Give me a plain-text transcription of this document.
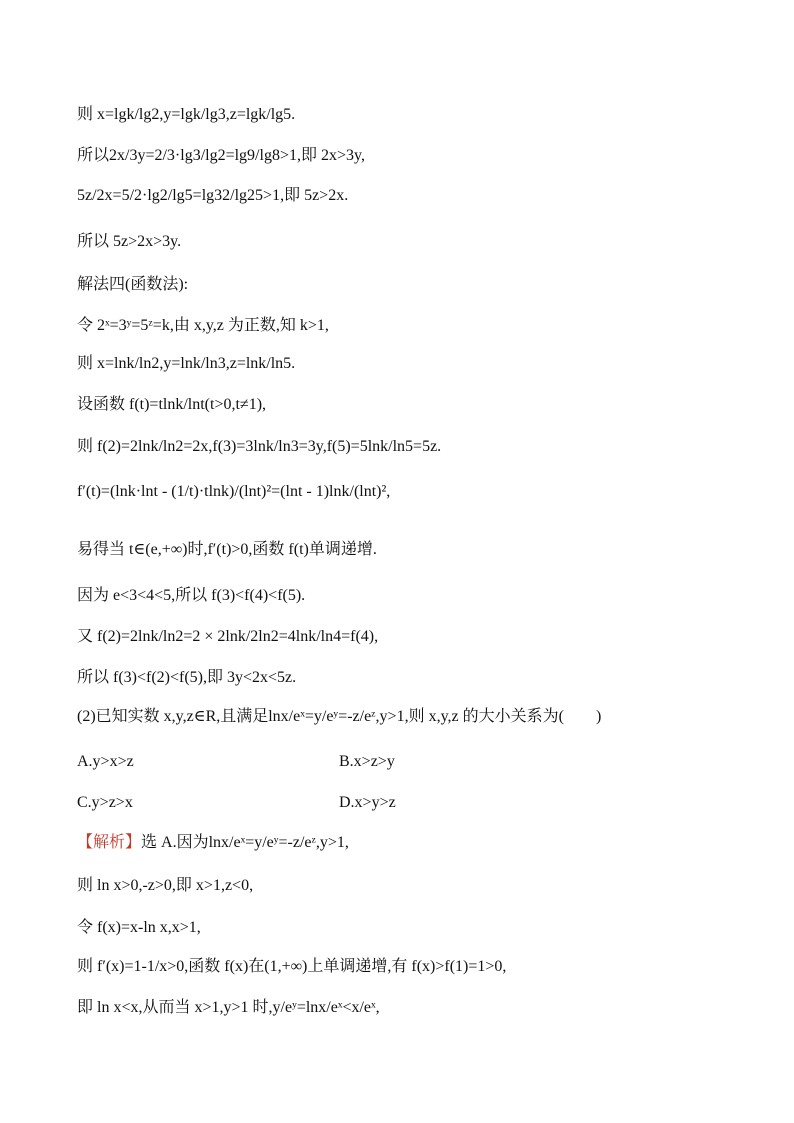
则 x=lgk/lg2,y=lgk/lg3,z=lgk/lg5.
所以2x/3y=2/3·lg3/lg2=lg9/lg8>1,即 2x>3y,
5z/2x=5/2·lg2/lg5=lg32/lg25>1,即 5z>2x.
所以 5z>2x>3y.
解法四(函数法):
令 2ˣ=3ʸ=5ᶻ=k,由 x,y,z 为正数,知 k>1,
则 x=lnk/ln2,y=lnk/ln3,z=lnk/ln5.
设函数 f(t)=tlnk/lnt(t>0,t≠1),
则 f(2)=2lnk/ln2=2x,f(3)=3lnk/ln3=3y,f(5)=5lnk/ln5=5z.
f′(t)=(lnk·lnt - (1/t)·tlnk)/(lnt)²=(lnt - 1)lnk/(lnt)²,
易得当 t∈(e,+∞)时,f′(t)>0,函数 f(t)单调递增.
因为 e<3<4<5,所以 f(3)<f(4)<f(5).
又 f(2)=2lnk/ln2=2 × 2lnk/2ln2=4lnk/ln4=f(4),
所以 f(3)<f(2)<f(5),即 3y<2x<5z.
(2)已知实数 x,y,z∈R,且满足lnx/eˣ=y/eʸ=-z/eᶻ,y>1,则 x,y,z 的大小关系为(　　)
A.y>x>z	B.x>z>y
C.y>z>x	D.x>y>z
【解析】选 A.因为lnx/eˣ=y/eʸ=-z/eᶻ,y>1,
则 ln x>0,-z>0,即 x>1,z<0,
令 f(x)=x-ln x,x>1,
则 f′(x)=1-1/x>0,函数 f(x)在(1,+∞)上单调递增,有 f(x)>f(1)=1>0,
即 ln x<x,从而当 x>1,y>1 时,y/eʸ=lnx/eˣ<x/eˣ,
